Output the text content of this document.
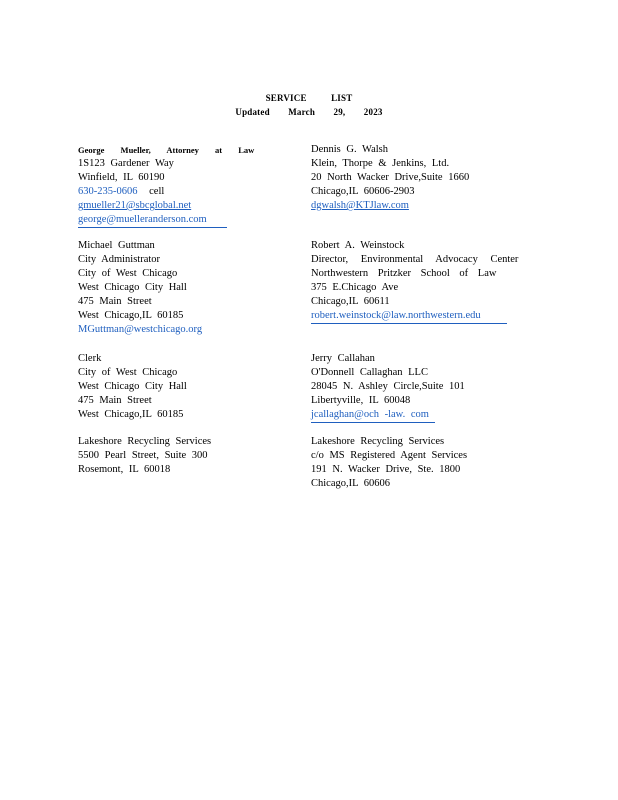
SERVICE LIST
Updated March 29, 2023
George Mueller, Attorney at Law
1S123 Gardener Way
Winfield, IL 60190
630-235-0606 cell
gmueller21@sbcglobal.net
george@muelleranderson.com
Dennis G. Walsh
Klein, Thorpe & Jenkins, Ltd.
20 North Wacker Drive,Suite 1660
Chicago,IL 60606-2903
dgwalsh@KTJlaw.com
Michael Guttman
City Administrator
City of West Chicago
West Chicago City Hall
475 Main Street
West Chicago,IL 60185
MGuttman@westchicago.org
Robert A. Weinstock
Director, Environmental Advocacy Center
Northwestern Pritzker School of Law
375 E.Chicago Ave
Chicago,IL 60611
robert.weinstock@law.northwestern.edu
Clerk
City of West Chicago
West Chicago City Hall
475 Main Street
West Chicago,IL 60185
Jerry Callahan
O'Donnell Callaghan LLC
28045 N. Ashley Circle,Suite 101
Libertyville, IL 60048
jcallaghan@och -law. com
Lakeshore Recycling Services
5500 Pearl Street, Suite 300
Rosemont, IL 60018
Lakeshore Recycling Services
c/o MS Registered Agent Services
191 N. Wacker Drive, Ste. 1800
Chicago,IL 60606
